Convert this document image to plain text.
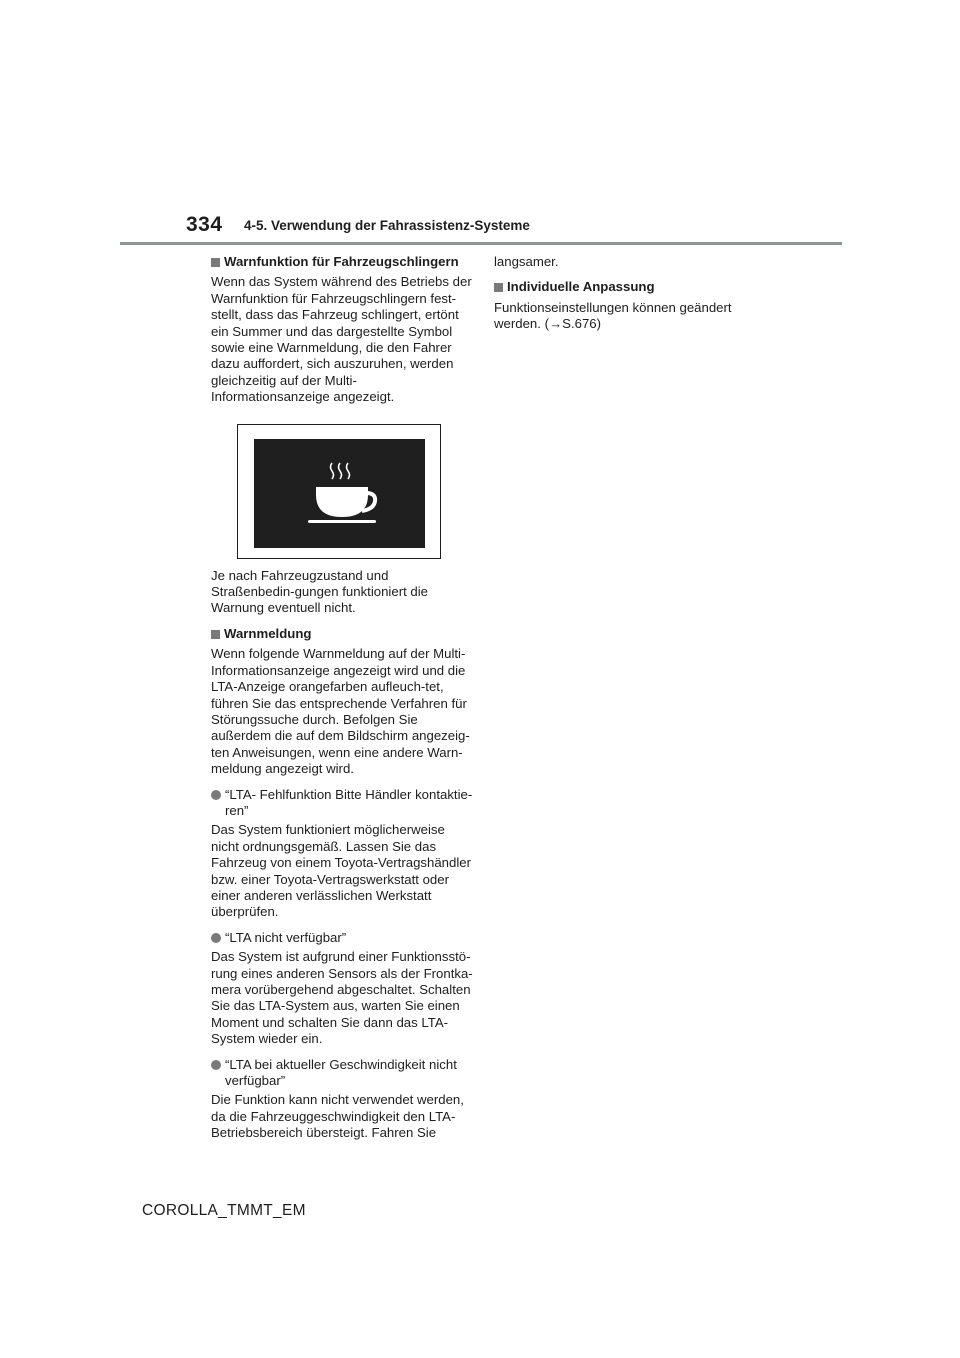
334 4-5. Verwendung der Fahrassistenz-Systeme
Warnfunktion für Fahrzeugschlingern

Wenn das System während des Betriebs der Warnfunktion für Fahrzeugschlingern fest-stellt, dass das Fahrzeug schlingert, ertönt ein Summer und das dargestellte Symbol sowie eine Warnmeldung, die den Fahrer dazu auffordert, sich auszuruhen, werden gleichzeitig auf der Multi-Informationsanzeige angezeigt.

Je nach Fahrzeugzustand und Straßenbedin-gungen funktioniert die Warnung eventuell nicht.

Warnmeldung

Wenn folgende Warnmeldung auf der Multi-Informationsanzeige angezeigt wird und die LTA-Anzeige orangefarben aufleuch-tet, führen Sie das entsprechende Verfahren für Störungssuche durch. Befolgen Sie außerdem die auf dem Bildschirm angezeig-ten Anweisungen, wenn eine andere Warn-meldung angezeigt wird.

“LTA- Fehlfunktion Bitte Händler kontaktie-ren”

Das System funktioniert möglicherweise nicht ordnungsgemäß. Lassen Sie das Fahrzeug von einem Toyota-Vertragshändler bzw. einer Toyota-Vertragswerkstatt oder einer anderen verlässlichen Werkstatt überprüfen.

“LTA nicht verfügbar”

Das System ist aufgrund einer Funktionsstö-rung eines anderen Sensors als der Frontka-mera vorübergehend abgeschaltet. Schalten Sie das LTA-System aus, warten Sie einen Moment und schalten Sie dann das LTA-System wieder ein.

“LTA bei aktueller Geschwindigkeit nicht verfügbar”

Die Funktion kann nicht verwendet werden, da die Fahrzeuggeschwindigkeit den LTA-Betriebsbereich übersteigt. Fahren Sie

langsamer.

Individuelle Anpassung

Funktionseinstellungen können geändert werden. (→S.676)

COROLLA_TMMT_EM
